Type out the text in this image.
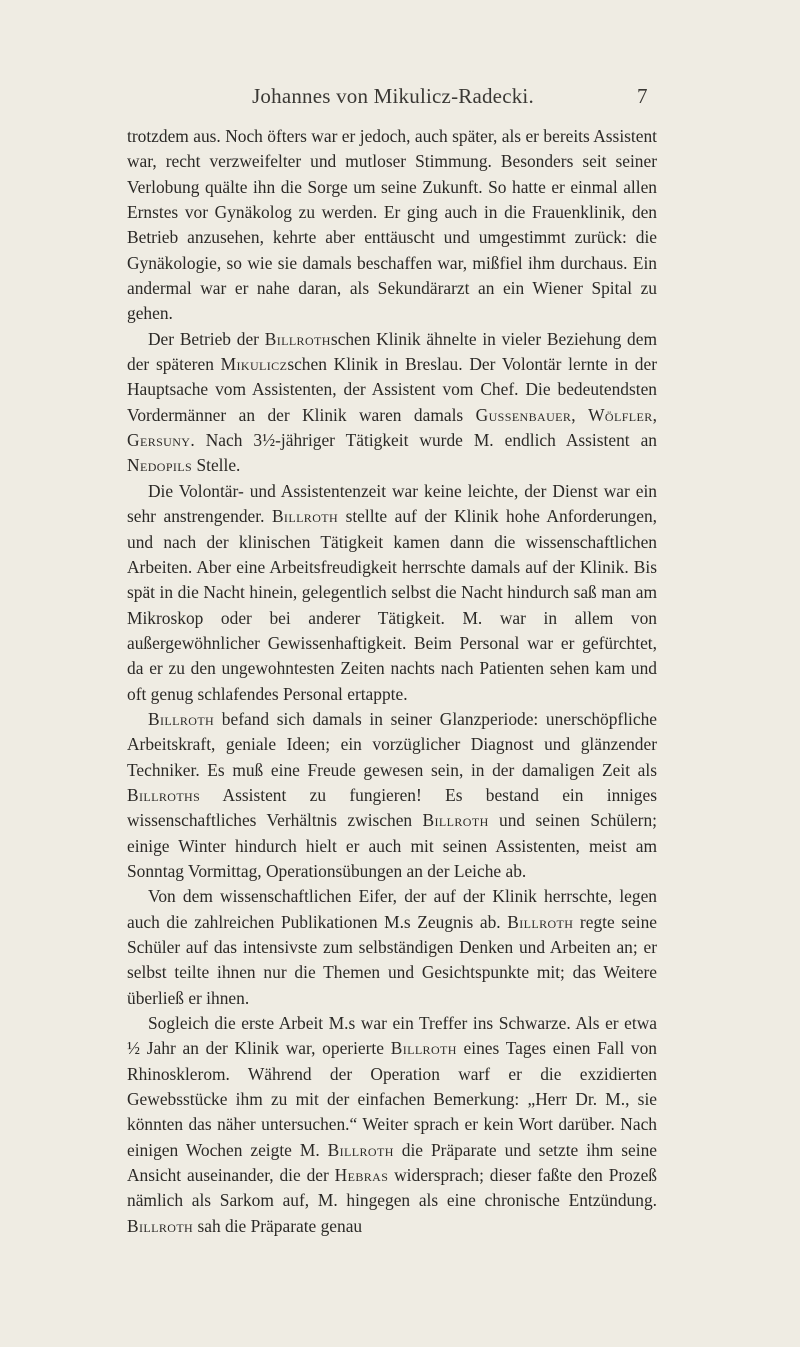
Johannes von Mikulicz-Radecki.	7

trotzdem aus. Noch öfters war er jedoch, auch später, als er bereits Assistent war, recht verzweifelter und mutloser Stimmung. Besonders seit seiner Verlobung quälte ihn die Sorge um seine Zukunft. So hatte er einmal allen Ernstes vor Gynäkolog zu werden. Er ging auch in die Frauenklinik, den Betrieb anzusehen, kehrte aber enttäuscht und umgestimmt zurück: die Gynäkologie, so wie sie damals beschaffen war, mißfiel ihm durchaus. Ein andermal war er nahe daran, als Sekundärarzt an ein Wiener Spital zu gehen.

Der Betrieb der Billrothschen Klinik ähnelte in vieler Beziehung dem der späteren Mikuliczschen Klinik in Breslau. Der Volontär lernte in der Hauptsache vom Assistenten, der Assistent vom Chef. Die bedeutendsten Vordermänner an der Klinik waren damals Gussenbauer, Wölfler, Gersuny. Nach 3½-jähriger Tätigkeit wurde M. endlich Assistent an Nedopils Stelle.

Die Volontär- und Assistentenzeit war keine leichte, der Dienst war ein sehr anstrengender. Billroth stellte auf der Klinik hohe Anforderungen, und nach der klinischen Tätigkeit kamen dann die wissenschaftlichen Arbeiten. Aber eine Arbeitsfreudigkeit herrschte damals auf der Klinik. Bis spät in die Nacht hinein, gelegentlich selbst die Nacht hindurch saß man am Mikroskop oder bei anderer Tätigkeit. M. war in allem von außergewöhnlicher Gewissenhaftigkeit. Beim Personal war er gefürchtet, da er zu den ungewohntesten Zeiten nachts nach Patienten sehen kam und oft genug schlafendes Personal ertappte.

Billroth befand sich damals in seiner Glanzperiode: unerschöpfliche Arbeitskraft, geniale Ideen; ein vorzüglicher Diagnost und glänzender Techniker. Es muß eine Freude gewesen sein, in der damaligen Zeit als Billroths Assistent zu fungieren! Es bestand ein inniges wissenschaftliches Verhältnis zwischen Billroth und seinen Schülern; einige Winter hindurch hielt er auch mit seinen Assistenten, meist am Sonntag Vormittag, Operationsübungen an der Leiche ab.

Von dem wissenschaftlichen Eifer, der auf der Klinik herrschte, legen auch die zahlreichen Publikationen M.s Zeugnis ab. Billroth regte seine Schüler auf das intensivste zum selbständigen Denken und Arbeiten an; er selbst teilte ihnen nur die Themen und Gesichtspunkte mit; das Weitere überließ er ihnen.

Sogleich die erste Arbeit M.s war ein Treffer ins Schwarze. Als er etwa ½ Jahr an der Klinik war, operierte Billroth eines Tages einen Fall von Rhinosklerom. Während der Operation warf er die exzidierten Gewebsstücke ihm zu mit der einfachen Bemerkung: „Herr Dr. M., sie könnten das näher untersuchen.“ Weiter sprach er kein Wort darüber. Nach einigen Wochen zeigte M. Billroth die Präparate und setzte ihm seine Ansicht auseinander, die der Hebras widersprach; dieser faßte den Prozeß nämlich als Sarkom auf, M. hingegen als eine chronische Entzündung. Billroth sah die Präparate genau
